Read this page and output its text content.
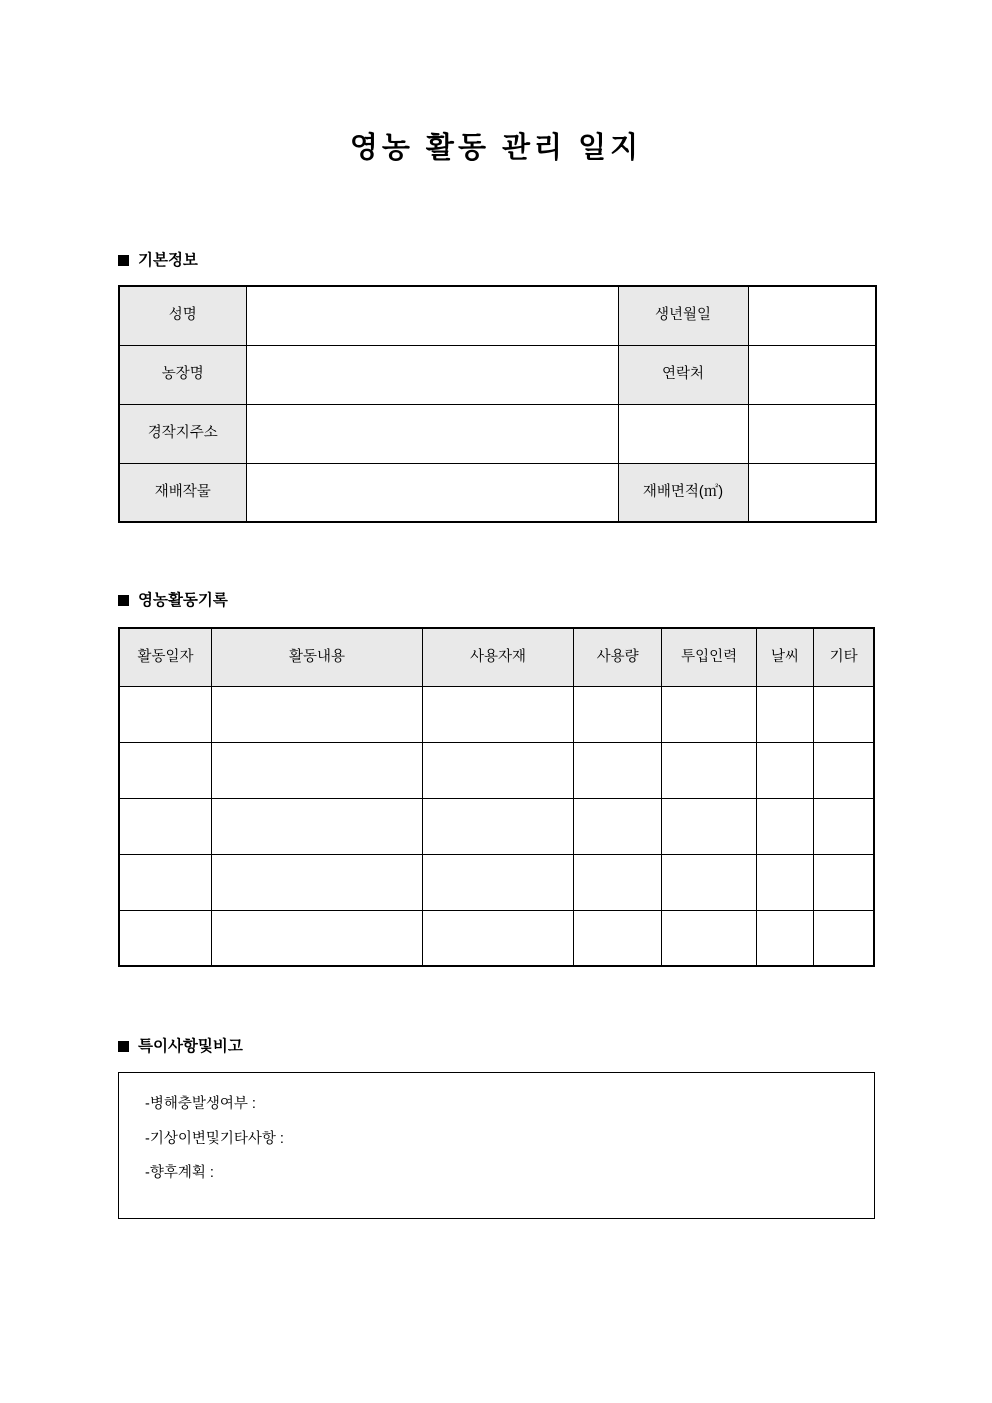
영농 활동 관리 일지
기본정보
성명		생년월일	
농장명		연락처	
경작지주소			
재배작물		재배면적(㎡)	
영농활동기록
활동일자	활동내용	사용자재	사용량	투입인력	날씨	기타

특이사항및비고
-병해충발생여부 :
-기상이변및기타사항 :
-향후계획 :
